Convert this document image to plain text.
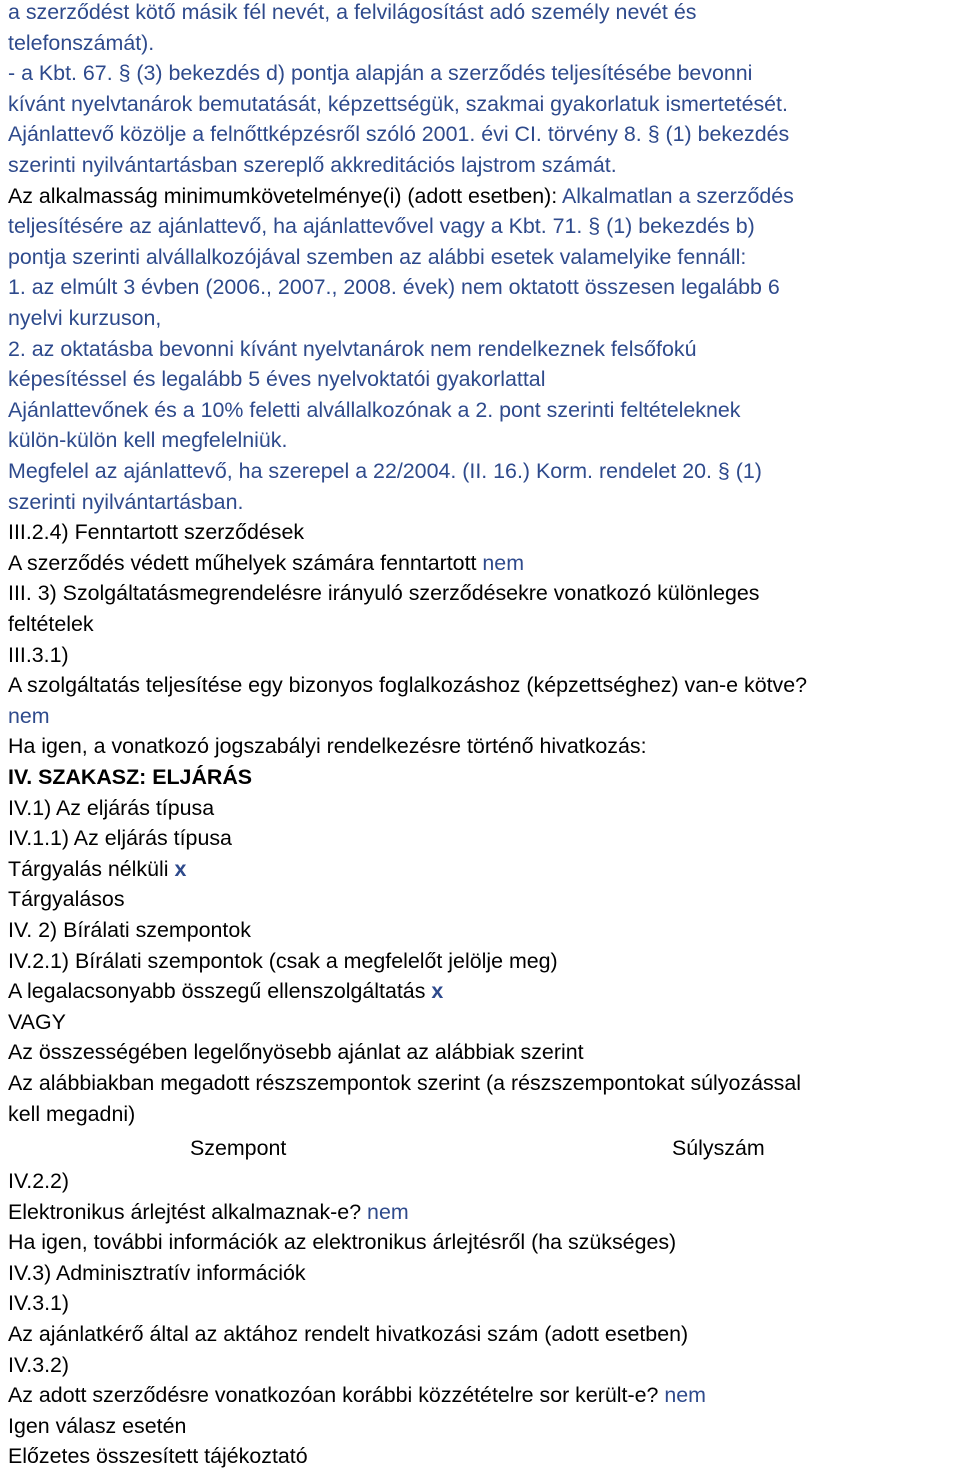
Szempont	Súlyszám
a szerződést kötő másik fél nevét, a felvilágosítást adó személy nevét és
telefonszámát).
- a Kbt. 67. § (3) bekezdés d) pontja alapján a szerződés teljesítésébe bevonni
kívánt nyelvtanárok bemutatását, képzettségük, szakmai gyakorlatuk ismertetését.
Ajánlattevő közölje a felnőttképzésről szóló 2001. évi CI. törvény 8. § (1) bekezdés
szerinti nyilvántartásban szereplő akkreditációs lajstrom számát.
Az alkalmasság minimumkövetelménye(i) (adott esetben): Alkalmatlan a szerződés
teljesítésére az ajánlattevő, ha ajánlattevővel vagy a Kbt. 71. § (1) bekezdés b)
pontja szerinti alvállalkozójával szemben az alábbi esetek valamelyike fennáll:
1. az elmúlt 3 évben (2006., 2007., 2008. évek) nem oktatott összesen legalább 6
nyelvi kurzuson,
2. az oktatásba bevonni kívánt nyelvtanárok nem rendelkeznek felsőfokú
képesítéssel és legalább 5 éves nyelvoktatói gyakorlattal
Ajánlattevőnek és a 10% feletti alvállalkozónak a 2. pont szerinti feltételeknek
külön-külön kell megfelelniük.
Megfelel az ajánlattevő, ha szerepel a 22/2004. (II. 16.) Korm. rendelet 20. § (1)
szerinti nyilvántartásban.
III.2.4) Fenntartott szerződések
A szerződés védett műhelyek számára fenntartott nem
III. 3) Szolgáltatásmegrendelésre irányuló szerződésekre vonatkozó különleges
feltételek
III.3.1)
A szolgáltatás teljesítése egy bizonyos foglalkozáshoz (képzettséghez) van-e kötve?
nem
Ha igen, a vonatkozó jogszabályi rendelkezésre történő hivatkozás:
IV. SZAKASZ: ELJÁRÁS
IV.1) Az eljárás típusa
IV.1.1) Az eljárás típusa
Tárgyalás nélküli x
Tárgyalásos
IV. 2) Bírálati szempontok
IV.2.1) Bírálati szempontok (csak a megfelelőt jelölje meg)
A legalacsonyabb összegű ellenszolgáltatás x
VAGY
Az összességében legelőnyösebb ajánlat az alábbiak szerint
Az alábbiakban megadott részszempontok szerint (a részszempontokat súlyozással
kell megadni)
IV.2.2)
Elektronikus árlejtést alkalmaznak-e? nem
Ha igen, további információk az elektronikus árlejtésről (ha szükséges)
IV.3) Adminisztratív információk
IV.3.1)
Az ajánlatkérő által az aktához rendelt hivatkozási szám (adott esetben)
IV.3.2)
Az adott szerződésre vonatkozóan korábbi közzétételre sor került-e? nem
Igen válasz esetén
Előzetes összesített tájékoztató
